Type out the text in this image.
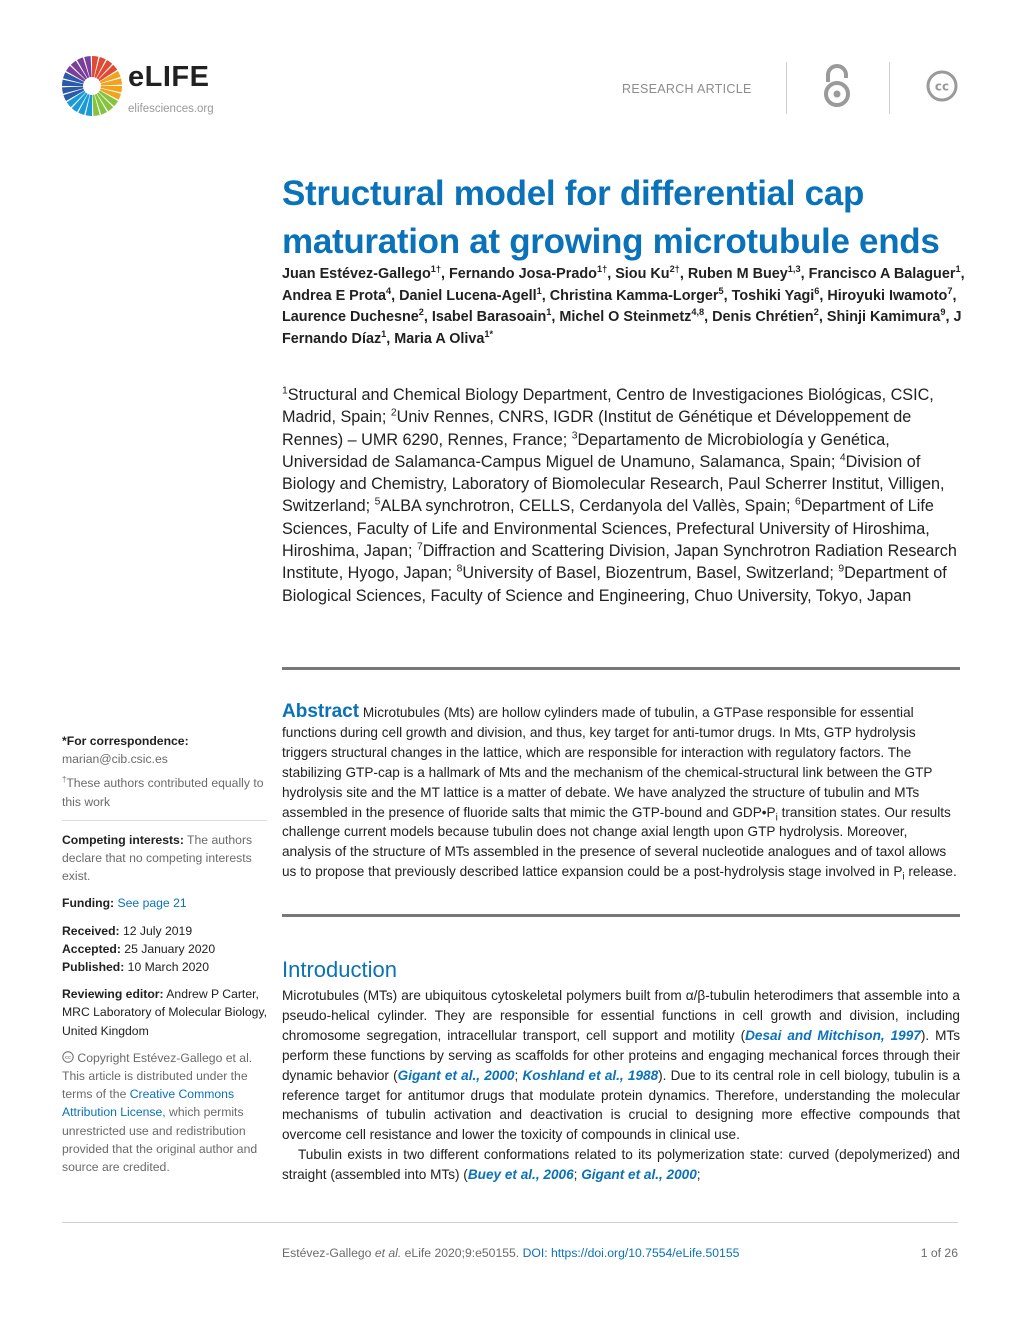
eLIFE
elifesciences.org
RESEARCH ARTICLE	cc
Structural model for differential cap maturation at growing microtubule ends
Juan Estévez-Gallego$^{1\dagger}$, Fernando Josa-Prado$^{1\dagger}$, Siou $Ku^{2\dagger}$, Ruben M Buey$^{1,3}$, Francisco A Balaguer$^1$, Andrea E Prota$^4$, Daniel Lucena-Agell$^1$, Christina Kamma-Lorger$^5$, Toshiki Yagi$^6$, Hiroyuki Iwamoto$^7$, Laurence Duchesne$^2$, Isabel Barasoain$^1$, Michel O Steinmetz$^{4,8}$, Denis Chrétien$^2$, Shinji Kamimura$^9$, J Fernando Díaz$^1$, Maria A Oliva$^{1*}$
$^1$Structural and Chemical Biology Department, Centro de Investigaciones Biológicas, CSIC, Madrid, Spain; $^2$Univ Rennes, CNRS, IGDR (Institut de Génétique et Développement de Rennes) – UMR 6290, Rennes, France; $^3$Departamento de Microbiología y Genética, Universidad de Salamanca-Campus Miguel de Unamuno, Salamanca, Spain; $^4$Division of Biology and Chemistry, Laboratory of Biomolecular Research, Paul Scherrer Institut, Villigen, Switzerland; $^5$ALBA synchrotron, CELLS, Cerdanyola del Vallès, Spain; $^6$Department of Life Sciences, Faculty of Life and Environmental Sciences, Prefectural University of Hiroshima, Hiroshima, Japan; $^7$Diffraction and Scattering Division, Japan Synchrotron Radiation Research Institute, Hyogo, Japan; $^8$University of Basel, Biozentrum, Basel, Switzerland; $^9$Department of Biological Sciences, Faculty of Science and Engineering, Chuo University, Tokyo, Japan
Abstract Microtubules (Mts) are hollow cylinders made of tubulin, a GTPase responsible for essential functions during cell growth and division, and thus, key target for anti-tumor drugs. In Mts, GTP hydrolysis triggers structural changes in the lattice, which are responsible for interaction with regulatory factors. The stabilizing GTP-cap is a hallmark of Mts and the mechanism of the chemical-structural link between the GTP hydrolysis site and the MT lattice is a matter of debate. We have analyzed the structure of tubulin and MTs assembled in the presence of fluoride salts that mimic the GTP-bound and $GDP•P_i$ transition states. Our results challenge current models because tubulin does not change axial length upon GTP hydrolysis. Moreover, analysis of the structure of MTs assembled in the presence of several nucleotide analogues and of taxol allows us to propose that previously described lattice expansion could be a post-hydrolysis stage involved in $P_i$ release.
*For correspondence:
marian@cib.csic.es
†These authors contributed equally to this work
Competing interests: The authors declare that no competing interests exist.
Funding: See page 21
Received: 12 July 2019
Accepted: 25 January 2020
Published: 10 March 2020
Reviewing editor: Andrew P Carter, MRC Laboratory of Molecular Biology, United Kingdom
cc Copyright Estévez-Gallego et al. This article is distributed under the terms of the Creative Commons Attribution License, which permits unrestricted use and redistribution provided that the original author and source are credited.
Introduction

Microtubules (MTs) are ubiquitous cytoskeletal polymers built from α/β-tubulin heterodimers that assemble into a pseudo-helical cylinder. They are responsible for essential functions in cell growth and division, including chromosome segregation, intracellular transport, cell support and motility (Desai and Mitchison, 1997). MTs perform these functions by serving as scaffolds for other proteins and engaging mechanical forces through their dynamic behavior (Gigant et al., 2000; Koshland et al., 1988). Due to its central role in cell biology, tubulin is a reference target for antitumor drugs that modulate protein dynamics. Therefore, understanding the molecular mechanisms of tubulin activation and deactivation is crucial to designing more effective compounds that overcome cell resistance and lower the toxicity of compounds in clinical use.

Tubulin exists in two different conformations related to its polymerization state: curved (depolymerized) and straight (assembled into MTs) (Buey et al., 2006; Gigant et al., 2000;

Estévez-Gallego et al. eLife 2020;9:e50155. DOI: https://doi.org/10.7554/eLife.50155	1 of 26
